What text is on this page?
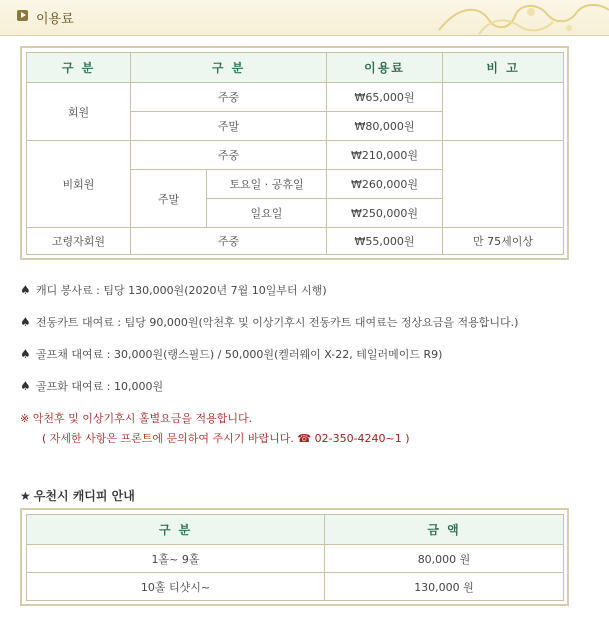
이용료
구 분	구 분		이용료	비 고
회원	주중		₩65,000원	
	주말		₩80,000원	
비회원	주중		₩210,000원	
	주말	토요일 · 공휴일	₩260,000원	
		일요일	₩250,000원	
고령자회원	주중		₩55,000원	만 75세이상
♠ 캐디 봉사료 : 팀당 130,000원(2020년 7월 10일부터 시행)
♠ 전동카트 대여료 : 팀당 90,000원(악천후 및 이상기후시 전동카트 대여료는 정상요금을 적용합니다.)
♠ 골프채 대여료 : 30,000원(랭스필드) / 50,000원(켈러웨이 X-22, 테일러메이드 R9)
♠ 골프화 대여료 : 10,000원
※ 악천후 및 이상기후시 홀별요금을 적용합니다.
( 자세한 사항은 프론트에 문의하여 주시기 바랍니다. ☎ 02-350-4240~1 )
★ 우천시 캐디피 안내
구 분	금 액
1홀~ 9홀	80,000 원
10홀 티샷시~	130,000 원
